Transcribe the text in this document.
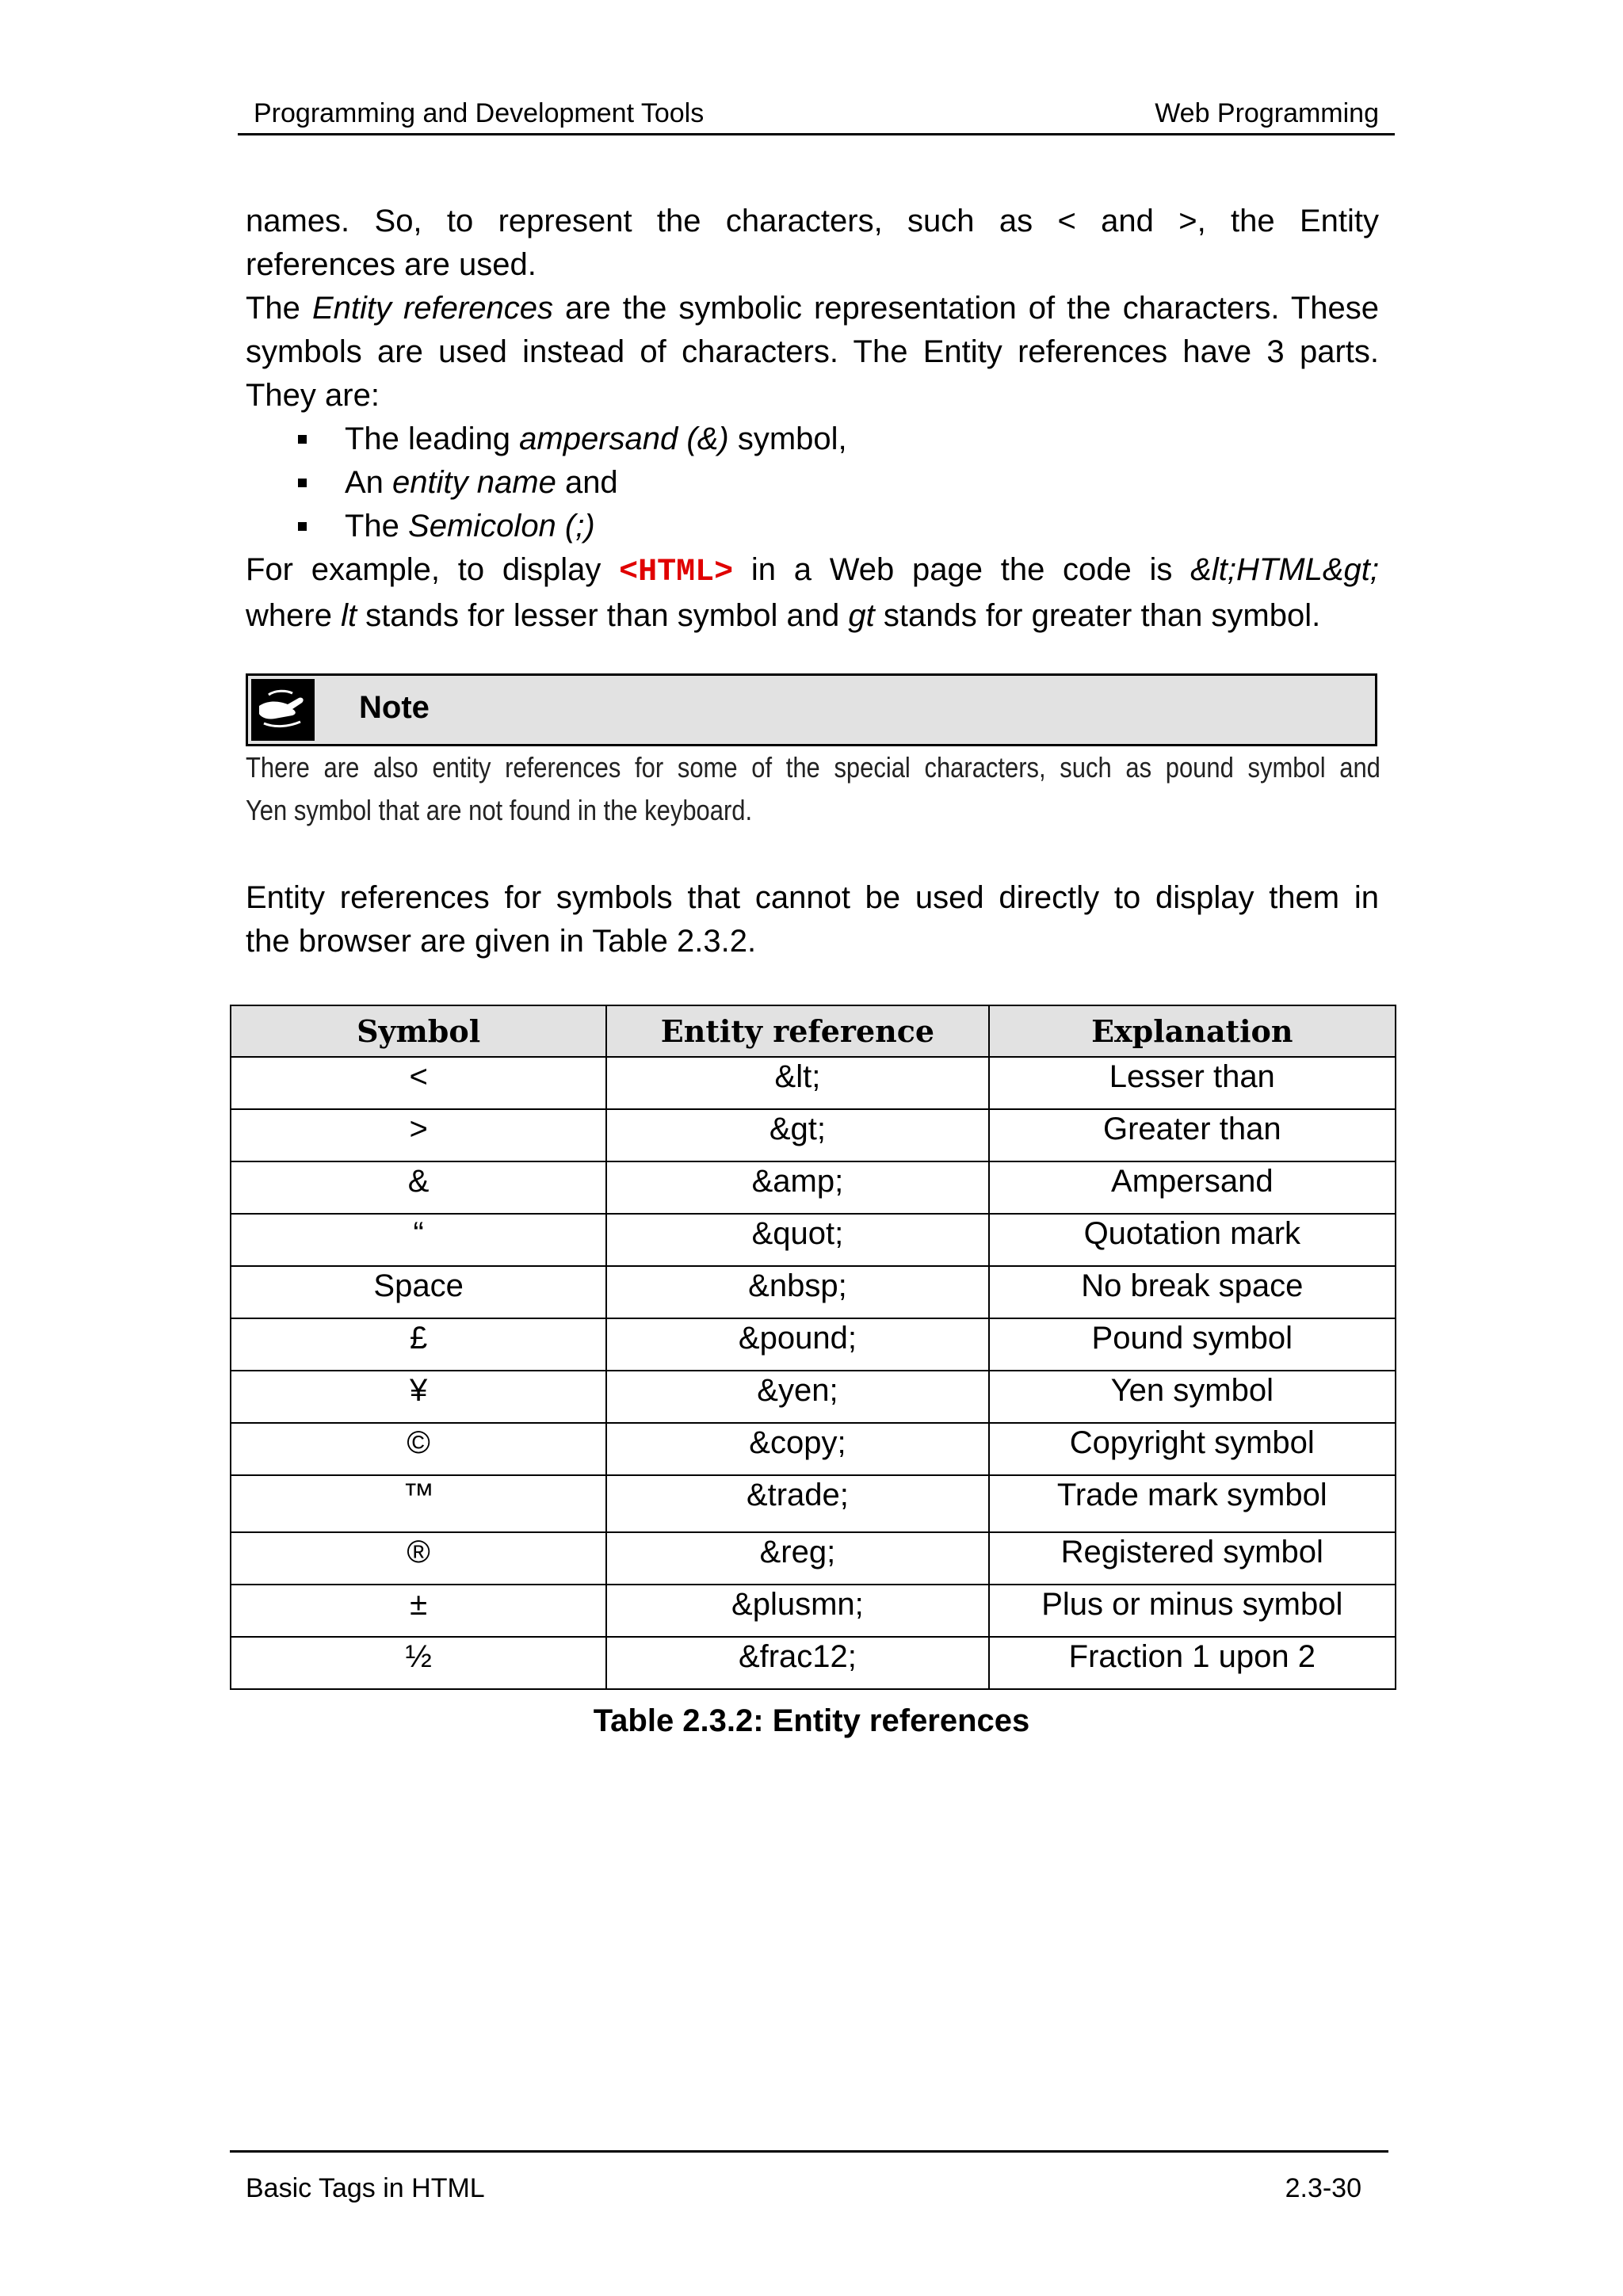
Programming and Development Tools	Web Programming

names. So, to represent the characters, such as < and >, the Entity

references are used.

The Entity references are the symbolic representation of the characters. These symbols are used instead of characters. The Entity references have 3 parts. They are:

The leading ampersand (&) symbol,
An entity name and
The Semicolon (;)

For example, to display <HTML> in a Web page the code is &lt;HTML&gt;

where lt stands for lesser than symbol and gt stands for greater than symbol.

Note
There are also entity references for some of the special characters, such as pound symbol and
Yen symbol that are not found in the keyboard.

Entity references for symbols that cannot be used directly to display them in

the browser are given in Table 2.3.2.

Symbol	Entity reference	Explanation
<	&lt;	Lesser than
>	&gt;	Greater than
&	&amp;	Ampersand
“	&quot;	Quotation mark
Space	&nbsp;	No break space
£	&pound;	Pound symbol
¥	&yen;	Yen symbol
©	&copy;	Copyright symbol
™	&trade;	Trade mark symbol
®	&reg;	Registered symbol
±	&plusmn;	Plus or minus symbol
½	&frac12;	Fraction 1 upon 2
Table 2.3.2: Entity references
Basic Tags in HTML	2.3-30
